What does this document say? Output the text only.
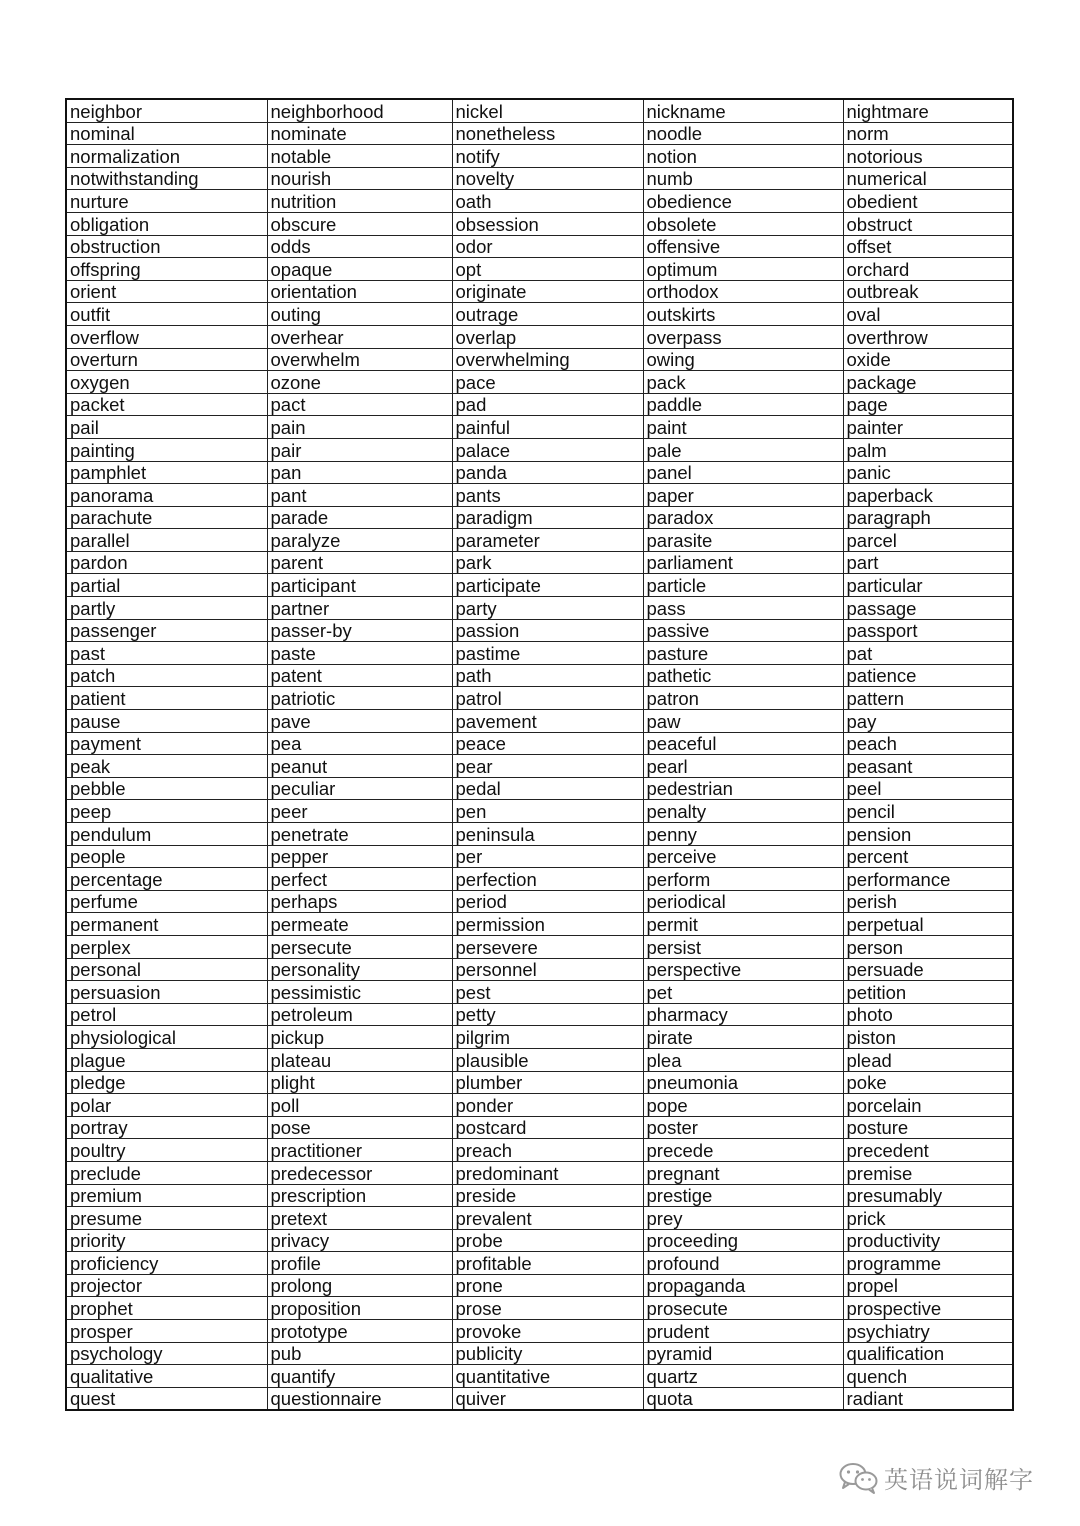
neighbor	neighborhood	nickel	nickname	nightmare
nominal	nominate	nonetheless	noodle	norm
normalization	notable	notify	notion	notorious
notwithstanding	nourish	novelty	numb	numerical
nurture	nutrition	oath	obedience	obedient
obligation	obscure	obsession	obsolete	obstruct
obstruction	odds	odor	offensive	offset
offspring	opaque	opt	optimum	orchard
orient	orientation	originate	orthodox	outbreak
outfit	outing	outrage	outskirts	oval
overflow	overhear	overlap	overpass	overthrow
overturn	overwhelm	overwhelming	owing	oxide
oxygen	ozone	pace	pack	package
packet	pact	pad	paddle	page
pail	pain	painful	paint	painter
painting	pair	palace	pale	palm
pamphlet	pan	panda	panel	panic
panorama	pant	pants	paper	paperback
parachute	parade	paradigm	paradox	paragraph
parallel	paralyze	parameter	parasite	parcel
pardon	parent	park	parliament	part
partial	participant	participate	particle	particular
partly	partner	party	pass	passage
passenger	passer-by	passion	passive	passport
past	paste	pastime	pasture	pat
patch	patent	path	pathetic	patience
patient	patriotic	patrol	patron	pattern
pause	pave	pavement	paw	pay
payment	pea	peace	peaceful	peach
peak	peanut	pear	pearl	peasant
pebble	peculiar	pedal	pedestrian	peel
peep	peer	pen	penalty	pencil
pendulum	penetrate	peninsula	penny	pension
people	pepper	per	perceive	percent
percentage	perfect	perfection	perform	performance
perfume	perhaps	period	periodical	perish
permanent	permeate	permission	permit	perpetual
perplex	persecute	persevere	persist	person
personal	personality	personnel	perspective	persuade
persuasion	pessimistic	pest	pet	petition
petrol	petroleum	petty	pharmacy	photo
physiological	pickup	pilgrim	pirate	piston
plague	plateau	plausible	plea	plead
pledge	plight	plumber	pneumonia	poke
polar	poll	ponder	pope	porcelain
portray	pose	postcard	poster	posture
poultry	practitioner	preach	precede	precedent
preclude	predecessor	predominant	pregnant	premise
premium	prescription	preside	prestige	presumably
presume	pretext	prevalent	prey	prick
priority	privacy	probe	proceeding	productivity
proficiency	profile	profitable	profound	programme
projector	prolong	prone	propaganda	propel
prophet	proposition	prose	prosecute	prospective
prosper	prototype	provoke	prudent	psychiatry
psychology	pub	publicity	pyramid	qualification
qualitative	quantify	quantitative	quartz	quench
quest	questionnaire	quiver	quota	radiant
英语说词解字
